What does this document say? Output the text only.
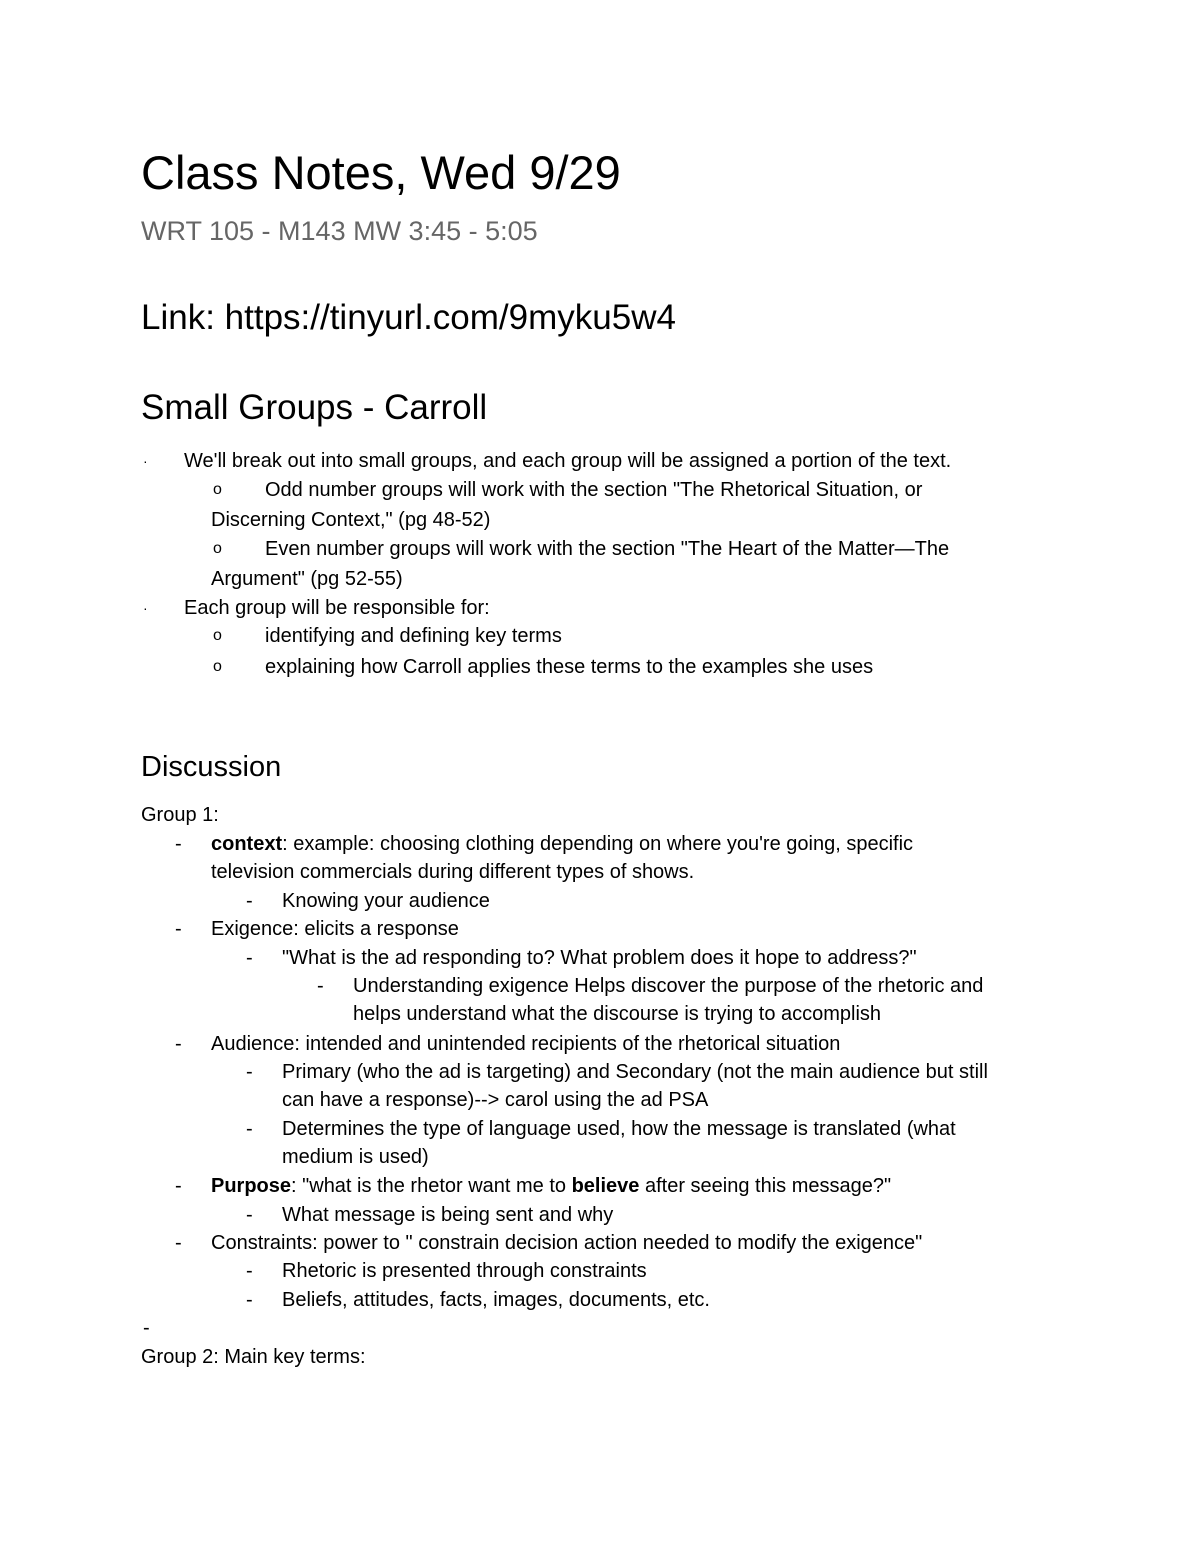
Class Notes, Wed 9/29
WRT 105 - M143 MW 3:45 - 5:05
Link: https://tinyurl.com/9myku5w4
Small Groups - Carroll
· We'll break out into small groups, and each group will be assigned a portion of the text.
o Odd number groups will work with the section "The Rhetorical Situation, or
Discerning Context," (pg 48-52)
o Even number groups will work with the section "The Heart of the Matter—The
Argument" (pg 52-55)
· Each group will be responsible for:
o identifying and defining key terms
o explaining how Carroll applies these terms to the examples she uses
Discussion
Group 1:
- context: example: choosing clothing depending on where you're going, specific
television commercials during different types of shows.
- Knowing your audience
- Exigence: elicits a response
- "What is the ad responding to? What problem does it hope to address?"
- Understanding exigence Helps discover the purpose of the rhetoric and
helps understand what the discourse is trying to accomplish
- Audience: intended and unintended recipients of the rhetorical situation
- Primary (who the ad is targeting) and Secondary (not the main audience but still
can have a response)--> carol using the ad PSA
- Determines the type of language used, how the message is translated (what
medium is used)
- Purpose: "what is the rhetor want me to believe after seeing this message?"
- What message is being sent and why
- Constraints: power to " constrain decision action needed to modify the exigence"
- Rhetoric is presented through constraints
- Beliefs, attitudes, facts, images, documents, etc.
-
Group 2: Main key terms:
